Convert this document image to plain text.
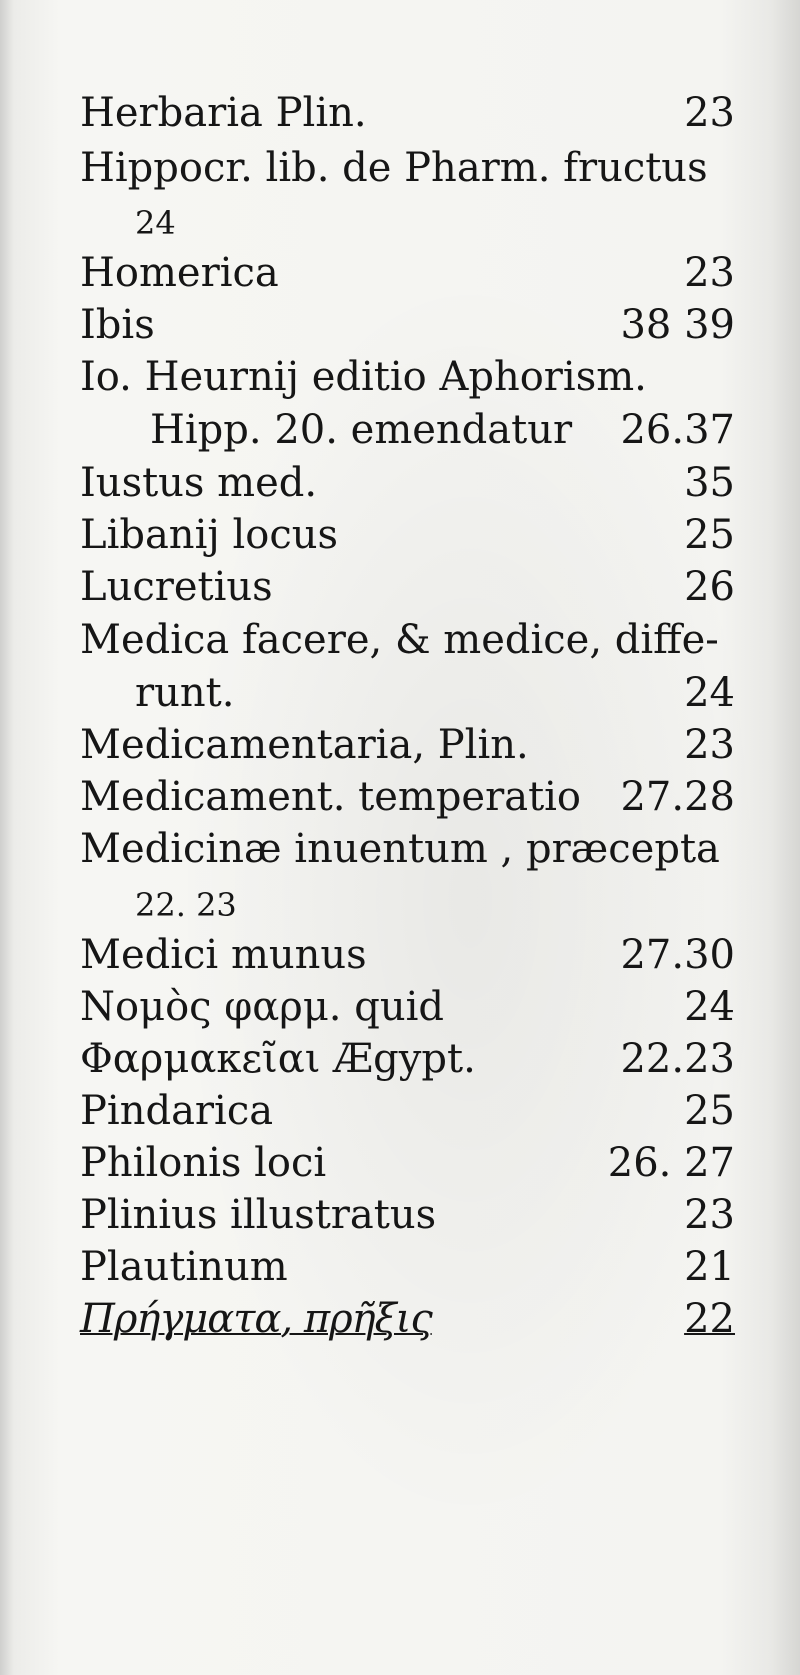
Herbaria Plin.	23
Hippocr. lib. de Pharm. fructus
24
Homerica	23
Ibis	38 39
Io. Heurnij editio Aphorism.
Hipp. 20. emendatur 26.37
Iustus med.	35
Libanij locus	25
Lucretius	26
Medica facere, & medice, diffe-
runt.	24
Medicamentaria, Plin.	23
Medicament. temperatio 27.28
Medicinæ inuentum , præcepta
22. 23
Medici munus	27.30
Νομὸς φαρμ. quid	24
Φαρμακεῖαι Ægypt.	22.23
Pindarica	25
Philonis loci	26. 27
Plinius illustratus	23
Plautinum	21
Πρήγματα, πρῆξις	22
